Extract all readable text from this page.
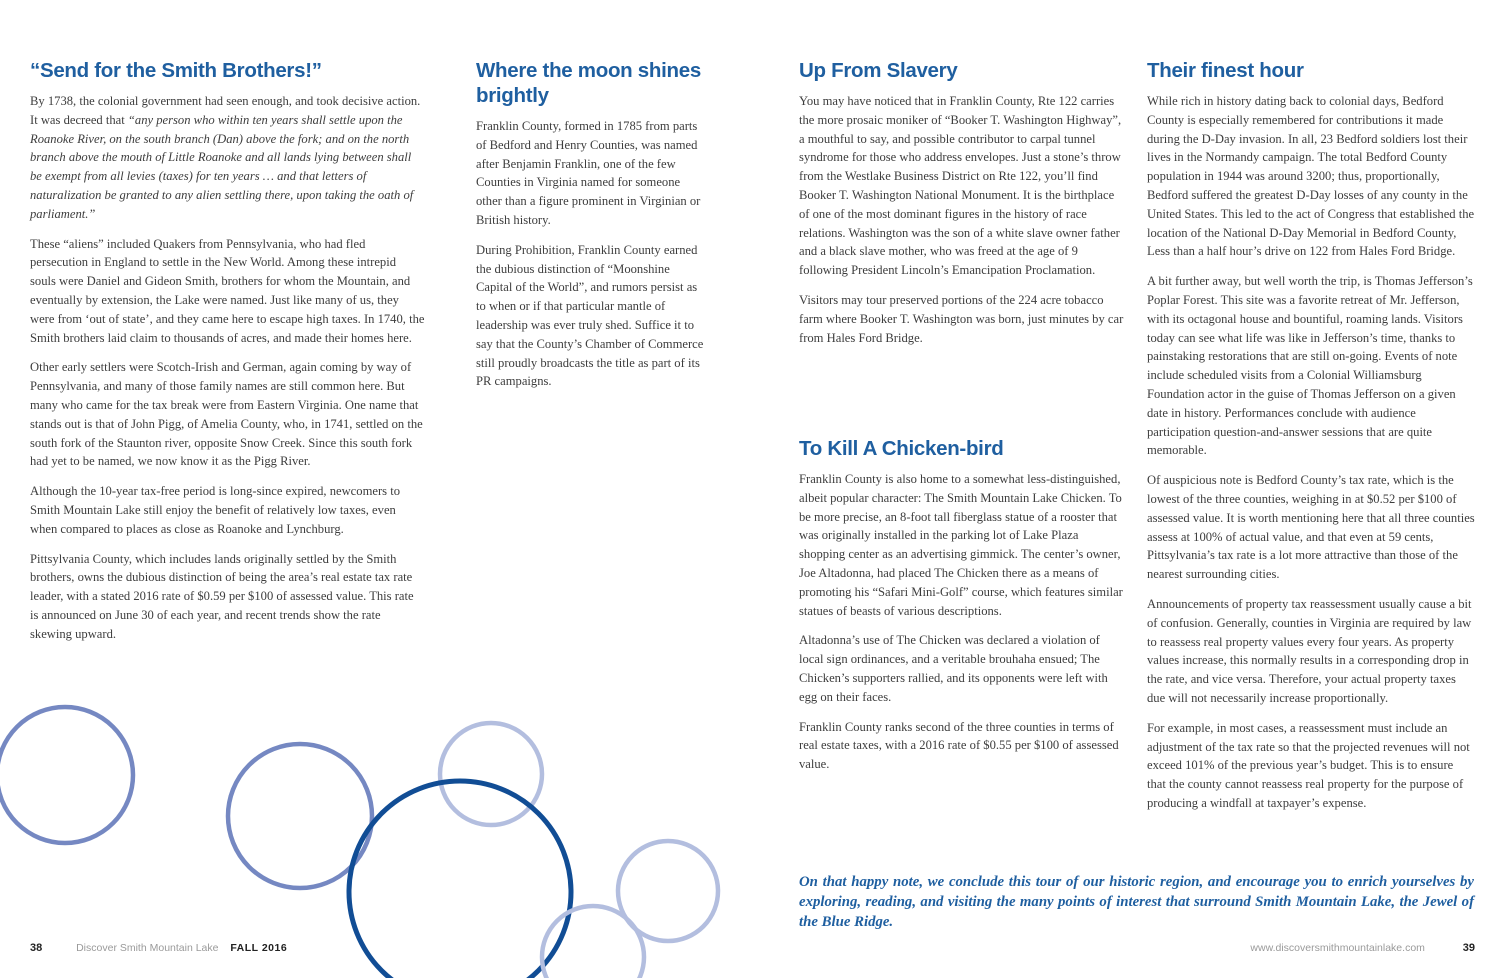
“Send for the Smith Brothers!”

By 1738, the colonial government had seen enough, and took decisive action. It was decreed that “any person who within ten years shall settle upon the Roanoke River, on the south branch (Dan) above the fork; and on the north branch above the mouth of Little Roanoke and all lands lying between shall be exempt from all levies (taxes) for ten years … and that letters of naturalization be granted to any alien settling there, upon taking the oath of parliament.”

These “aliens” included Quakers from Pennsylvania, who had fled persecution in England to settle in the New World. Among these intrepid souls were Daniel and Gideon Smith, brothers for whom the Mountain, and eventually by extension, the Lake were named. Just like many of us, they were from ‘out of state’, and they came here to escape high taxes. In 1740, the Smith brothers laid claim to thousands of acres, and made their homes here.

Other early settlers were Scotch-Irish and German, again coming by way of Pennsylvania, and many of those family names are still common here. But many who came for the tax break were from Eastern Virginia. One name that stands out is that of John Pigg, of Amelia County, who, in 1741, settled on the south fork of the Staunton river, opposite Snow Creek. Since this south fork had yet to be named, we now know it as the Pigg River.

Although the 10-year tax-free period is long-since expired, newcomers to Smith Mountain Lake still enjoy the benefit of relatively low taxes, even when compared to places as close as Roanoke and Lynchburg.

Pittsylvania County, which includes lands originally settled by the Smith brothers, owns the dubious distinction of being the area’s real estate tax rate leader, with a stated 2016 rate of $0.59 per $100 of assessed value. This rate is announced on June 30 of each year, and recent trends show the rate skewing upward.

Where the moon shines brightly

Franklin County, formed in 1785 from parts of Bedford and Henry Counties, was named after Benjamin Franklin, one of the few Counties in Virginia named for someone other than a figure prominent in Virginian or British history.

During Prohibition, Franklin County earned the dubious distinction of “Moonshine Capital of the World”, and rumors persist as to when or if that particular mantle of leadership was ever truly shed. Suffice it to say that the County’s Chamber of Commerce still proudly broadcasts the title as part of its PR campaigns.

Up From Slavery

You may have noticed that in Franklin County, Rte 122 carries the more prosaic moniker of “Booker T. Washington Highway”, a mouthful to say, and possible contributor to carpal tunnel syndrome for those who address envelopes. Just a stone’s throw from the Westlake Business District on Rte 122, you’ll find Booker T. Washington National Monument. It is the birthplace of one of the most dominant figures in the history of race relations. Washington was the son of a white slave owner father and a black slave mother, who was freed at the age of 9 following President Lincoln’s Emancipation Proclamation.

Visitors may tour preserved portions of the 224 acre tobacco farm where Booker T. Washington was born, just minutes by car from Hales Ford Bridge.

To Kill A Chicken-bird

Franklin County is also home to a somewhat less-distinguished, albeit popular character: The Smith Mountain Lake Chicken. To be more precise, an 8-foot tall fiberglass statue of a rooster that was originally installed in the parking lot of Lake Plaza shopping center as an advertising gimmick. The center’s owner, Joe Altadonna, had placed The Chicken there as a means of promoting his “Safari Mini-Golf” course, which features similar statues of beasts of various descriptions.

Altadonna’s use of The Chicken was declared a violation of local sign ordinances, and a veritable brouhaha ensued; The Chicken’s supporters rallied, and its opponents were left with egg on their faces.

Franklin County ranks second of the three counties in terms of real estate taxes, with a 2016 rate of $0.55 per $100 of assessed value.

Their finest hour

While rich in history dating back to colonial days, Bedford County is especially remembered for contributions it made during the D-Day invasion. In all, 23 Bedford soldiers lost their lives in the Normandy campaign. The total Bedford County population in 1944 was around 3200; thus, proportionally, Bedford suffered the greatest D-Day losses of any county in the United States. This led to the act of Congress that established the location of the National D-Day Memorial in Bedford County, Less than a half hour’s drive on 122 from Hales Ford Bridge.

A bit further away, but well worth the trip, is Thomas Jefferson’s Poplar Forest. This site was a favorite retreat of Mr. Jefferson, with its octagonal house and bountiful, roaming lands. Visitors today can see what life was like in Jefferson’s time, thanks to painstaking restorations that are still on-going. Events of note include scheduled visits from a Colonial Williamsburg Foundation actor in the guise of Thomas Jefferson on a given date in history. Performances conclude with audience participation question-and-answer sessions that are quite memorable.

Of auspicious note is Bedford County’s tax rate, which is the lowest of the three counties, weighing in at $0.52 per $100 of assessed value. It is worth mentioning here that all three counties assess at 100% of actual value, and that even at 59 cents, Pittsylvania’s tax rate is a lot more attractive than those of the nearest surrounding cities.

Announcements of property tax reassessment usually cause a bit of confusion. Generally, counties in Virginia are required by law to reassess real property values every four years. As property values increase, this normally results in a corresponding drop in the rate, and vice versa. Therefore, your actual property taxes due will not necessarily increase proportionally.

For example, in most cases, a reassessment must include an adjustment of the tax rate so that the projected revenues will not exceed 101% of the previous year’s budget. This is to ensure that the county cannot reassess real property for the purpose of producing a windfall at taxpayer’s expense.

On that happy note, we conclude this tour of our historic region, and encourage you to enrich yourselves by exploring, reading, and visiting the many points of interest that surround Smith Mountain Lake, the Jewel of the Blue Ridge.

38	Discover Smith Mountain Lake FALL 2016	www.discoversmithmountainlake.com	39
